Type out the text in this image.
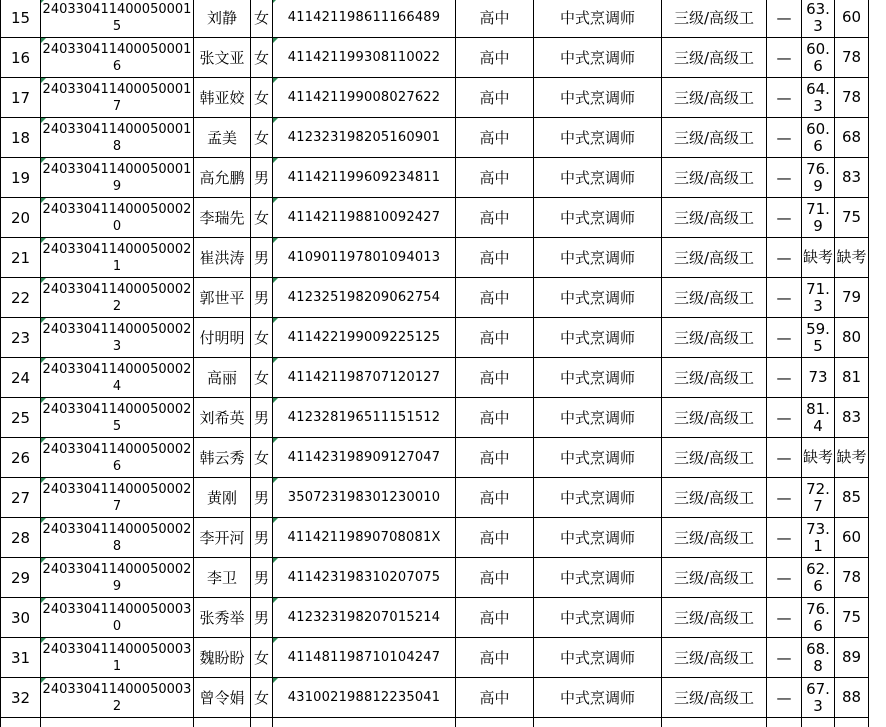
15	240330411400050001 5	刘静	女	411421198611166489	高中	中式烹调师	三级/高级工	—	63.3	60
16	240330411400050001 6	张文亚	女	411421199308110022	高中	中式烹调师	三级/高级工	—	60.6	78
17	240330411400050001 7	韩亚姣	女	411421199008027622	高中	中式烹调师	三级/高级工	—	64.3	78
18	240330411400050001 8	孟美	女	412323198205160901	高中	中式烹调师	三级/高级工	—	60.6	68
19	240330411400050001 9	高允鹏	男	411421199609234811	高中	中式烹调师	三级/高级工	—	76.9	83
20	240330411400050002 0	李瑞先	女	411421198810092427	高中	中式烹调师	三级/高级工	—	71.9	75
21	240330411400050002 1	崔洪涛	男	410901197801094013	高中	中式烹调师	三级/高级工	—	缺考	缺考
22	240330411400050002 2	郭世平	男	412325198209062754	高中	中式烹调师	三级/高级工	—	71.3	79
23	240330411400050002 3	付明明	女	411422199009225125	高中	中式烹调师	三级/高级工	—	59.5	80
24	240330411400050002 4	高丽	女	411421198707120127	高中	中式烹调师	三级/高级工	—	73	81
25	240330411400050002 5	刘希英	男	412328196511151512	高中	中式烹调师	三级/高级工	—	81.4	83
26	240330411400050002 6	韩云秀	女	411423198909127047	高中	中式烹调师	三级/高级工	—	缺考	缺考
27	240330411400050002 7	黄刚	男	350723198301230010	高中	中式烹调师	三级/高级工	—	72.7	85
28	240330411400050002 8	李开河	男	41142119890708081X	高中	中式烹调师	三级/高级工	—	73.1	60
29	240330411400050002 9	李卫	男	411423198310207075	高中	中式烹调师	三级/高级工	—	62.6	78
30	240330411400050003 0	张秀举	男	412323198207015214	高中	中式烹调师	三级/高级工	—	76.6	75
31	240330411400050003 1	魏盼盼	女	411481198710104247	高中	中式烹调师	三级/高级工	—	68.8	89
32	240330411400050003 2	曾令娟	女	431002198812235041	高中	中式烹调师	三级/高级工	—	67.3	88
